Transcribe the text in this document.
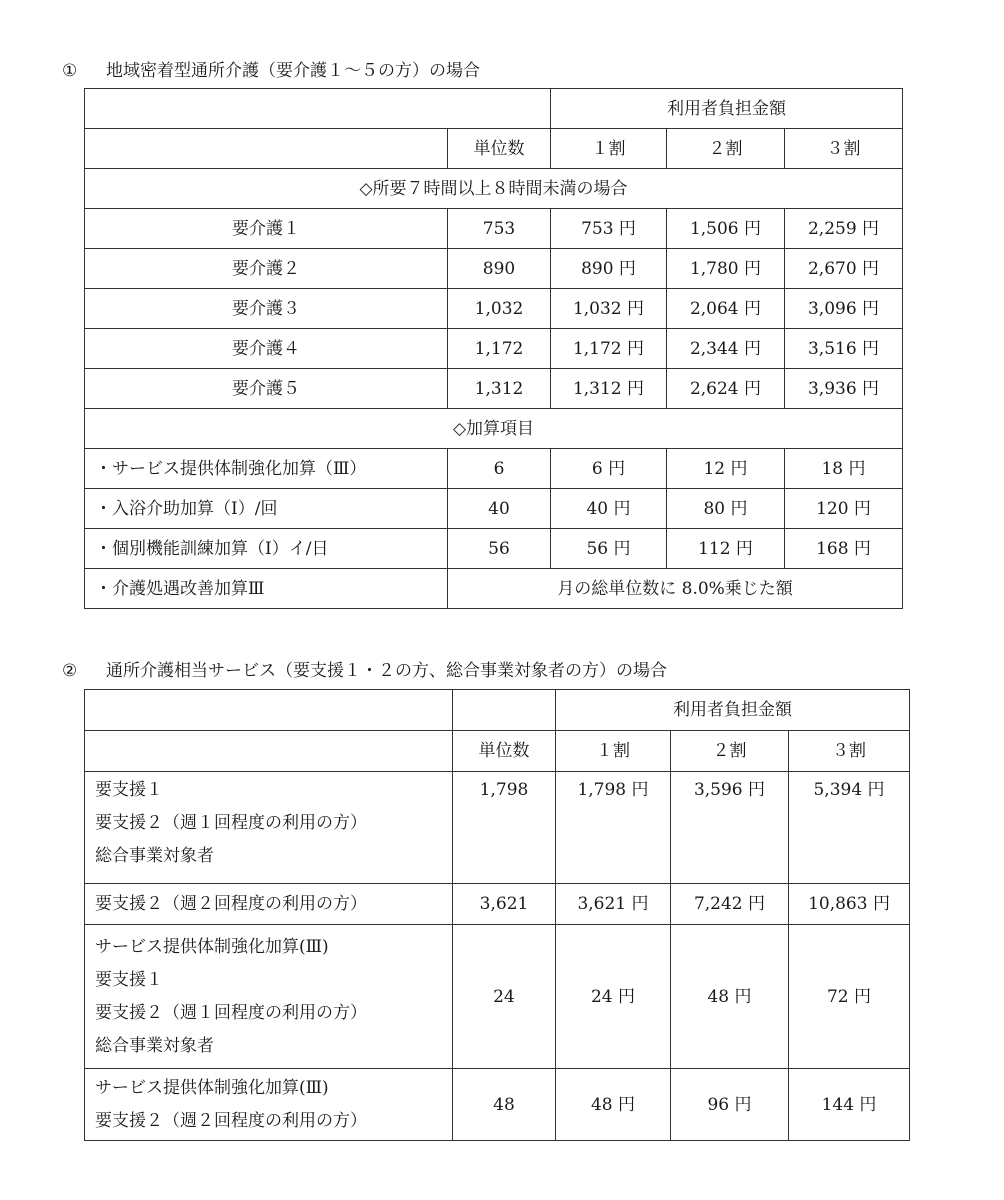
① 地域密着型通所介護（要介護１～５の方）の場合
		利用者負担金額		
	単位数	１割	２割	３割
◇所要７時間以上８時間未満の場合				
要介護１	753	753 円	1,506 円	2,259 円
要介護２	890	890 円	1,780 円	2,670 円
要介護３	1,032	1,032 円	2,064 円	3,096 円
要介護４	1,172	1,172 円	2,344 円	3,516 円
要介護５	1,312	1,312 円	2,624 円	3,936 円
◇加算項目				
・サービス提供体制強化加算（Ⅲ）	6	6 円	12 円	18 円
・入浴介助加算（Ⅰ）/回	40	40 円	80 円	120 円
・個別機能訓練加算（Ⅰ）イ/日	56	56 円	112 円	168 円
・介護処遇改善加算Ⅲ	月の総単位数に 8.0%乗じた額			
② 通所介護相当サービス（要支援１・２の方、総合事業対象者の方）の場合
		利用者負担金額		
	単位数	１割	２割	３割

要支援１
要支援２（週１回程度の利用の方）
総合事業対象者	1,798	1,798 円	3,596 円	5,394 円
要支援２（週２回程度の利用の方）	3,621	3,621 円	7,242 円	10,863 円

サービス提供体制強化加算(Ⅲ)
要支援１
要支援２（週１回程度の利用の方）
総合事業対象者	24	24 円	48 円	72 円

サービス提供体制強化加算(Ⅲ)
要支援２（週２回程度の利用の方）	48	48 円	96 円	144 円
